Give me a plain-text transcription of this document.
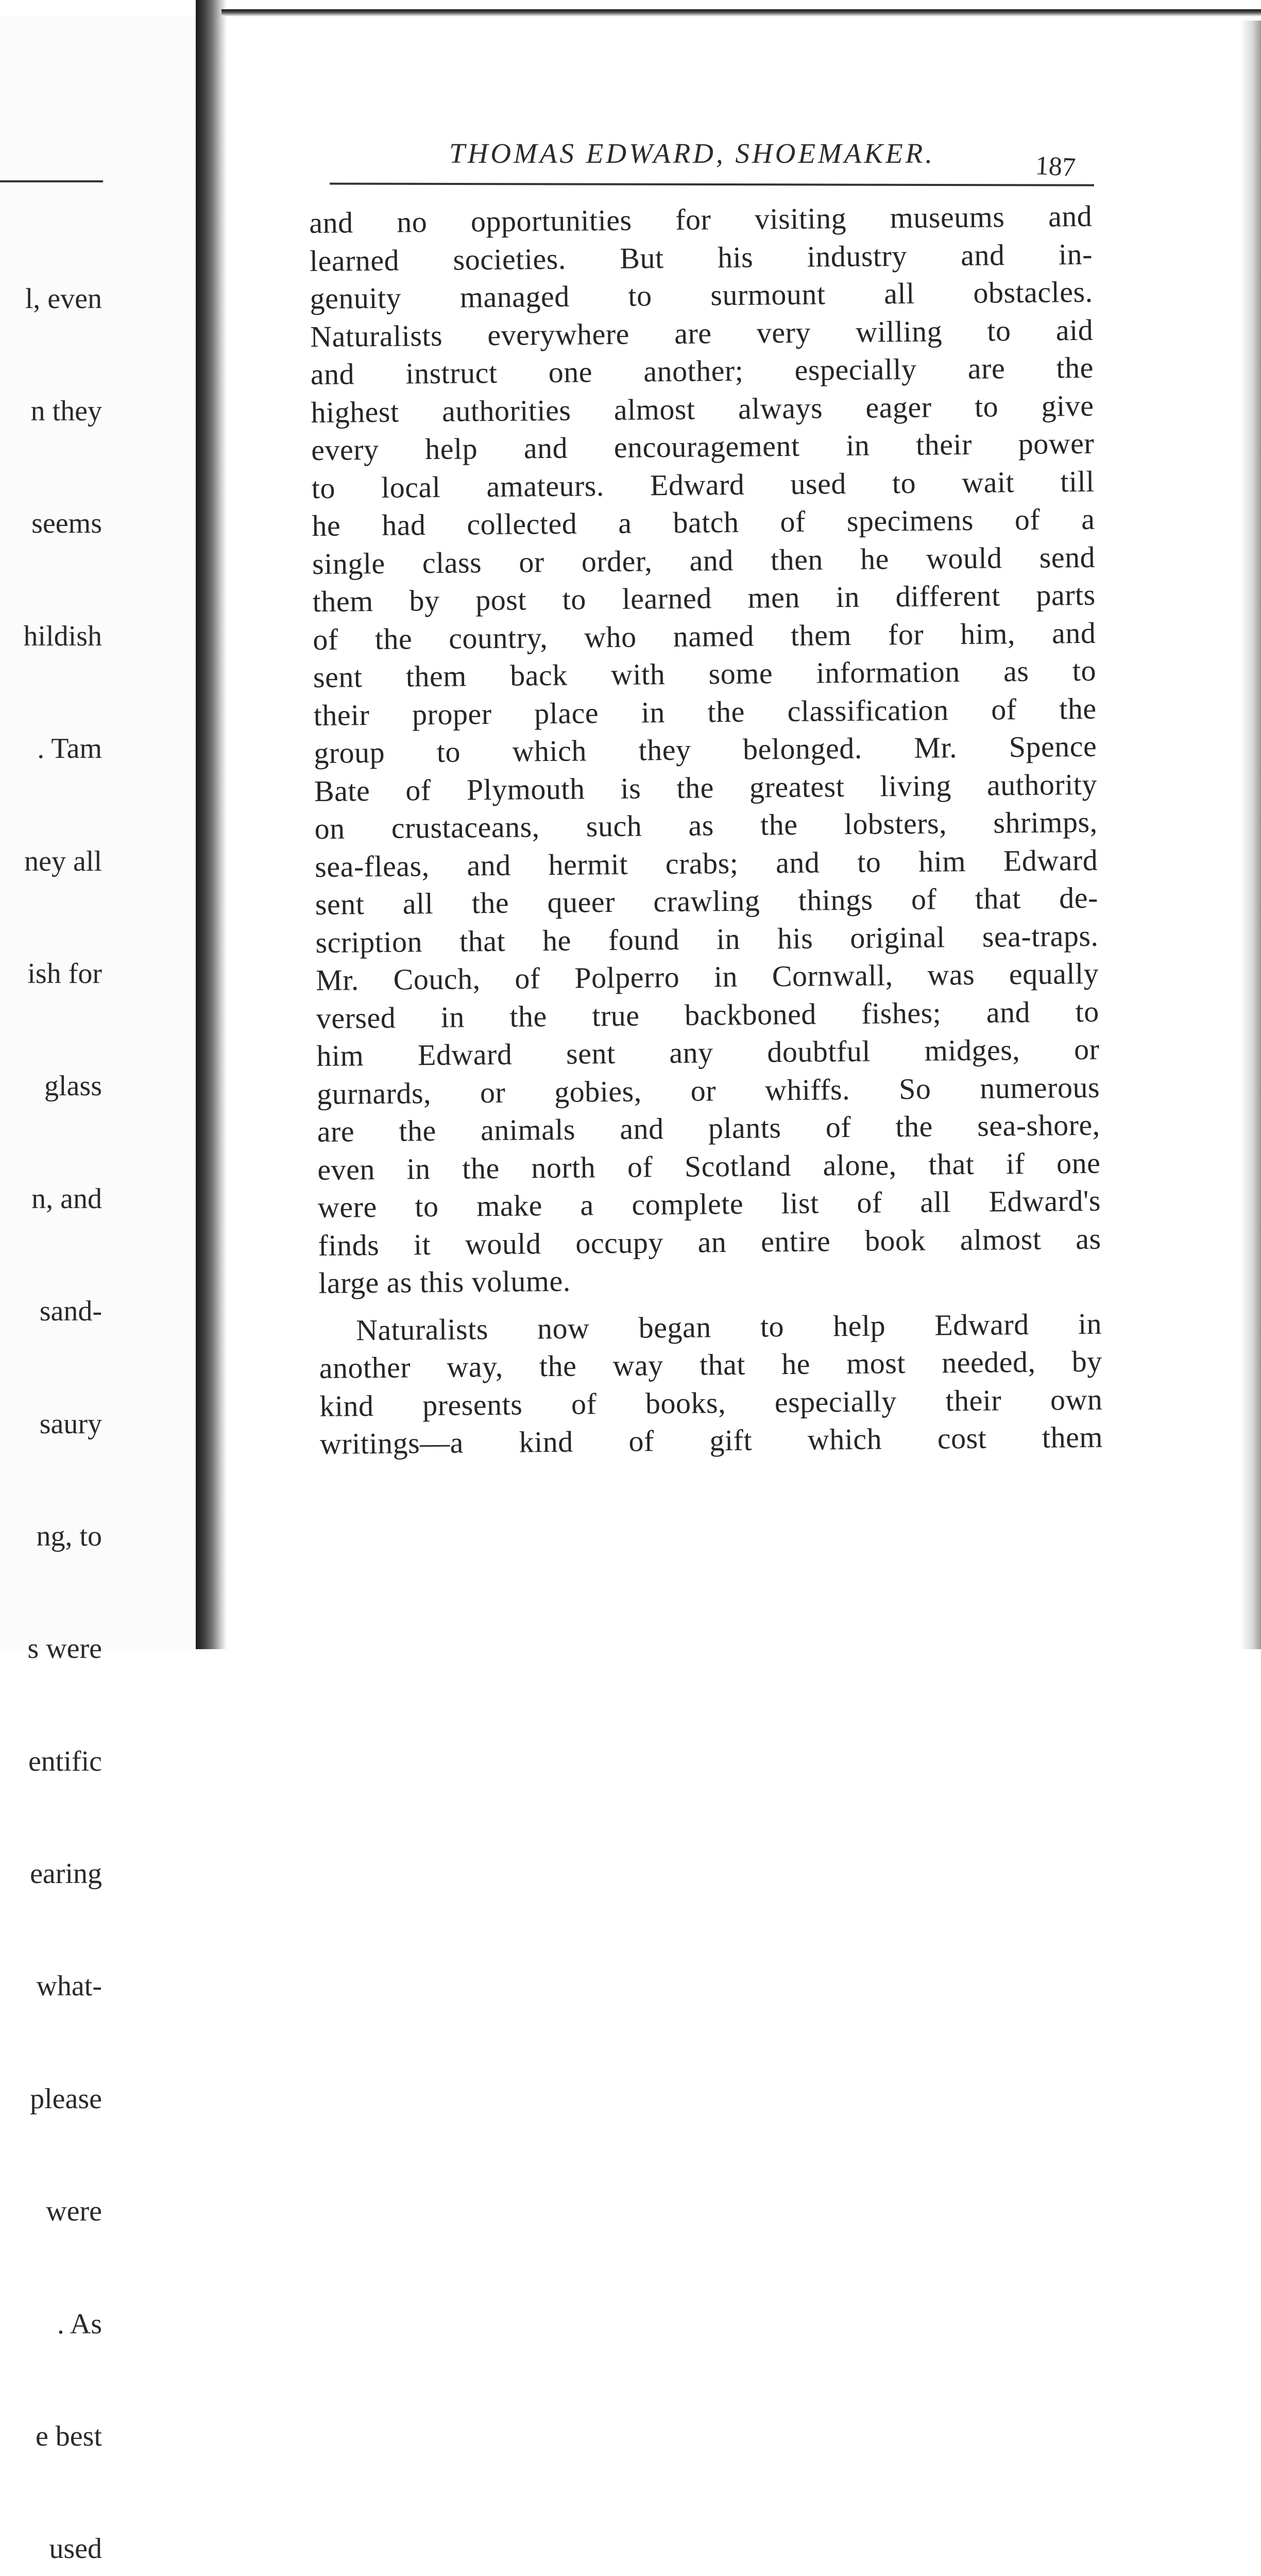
l, even

n they

seems

hildish

. Tam

ney all

ish for

glass

n, and

sand-

saury

ng, to

s were

entific

earing

what-

please

were

. As

e best

used

THOMAS EDWARD, SHOEMAKER.	187
and no opportunities for visiting museums and
learned societies. But his industry and in-
genuity managed to surmount all obstacles.
Naturalists everywhere are very willing to aid
and instruct one another; especially are the
highest authorities almost always eager to give
every help and encouragement in their power
to local amateurs. Edward used to wait till
he had collected a batch of specimens of a
single class or order, and then he would send
them by post to learned men in different parts
of the country, who named them for him, and
sent them back with some information as to
their proper place in the classification of the
group to which they belonged. Mr. Spence
Bate of Plymouth is the greatest living authority
on crustaceans, such as the lobsters, shrimps,
sea-fleas, and hermit crabs; and to him Edward
sent all the queer crawling things of that de-
scription that he found in his original sea-traps.
Mr. Couch, of Polperro in Cornwall, was equally
versed in the true backboned fishes; and to
him Edward sent any doubtful midges, or
gurnards, or gobies, or whiffs. So numerous
are the animals and plants of the sea-shore,
even in the north of Scotland alone, that if one
were to make a complete list of all Edward's
finds it would occupy an entire book almost as
large as this volume.
Naturalists now began to help Edward in
another way, the way that he most needed, by
kind presents of books, especially their own
writings—a kind of gift which cost them
